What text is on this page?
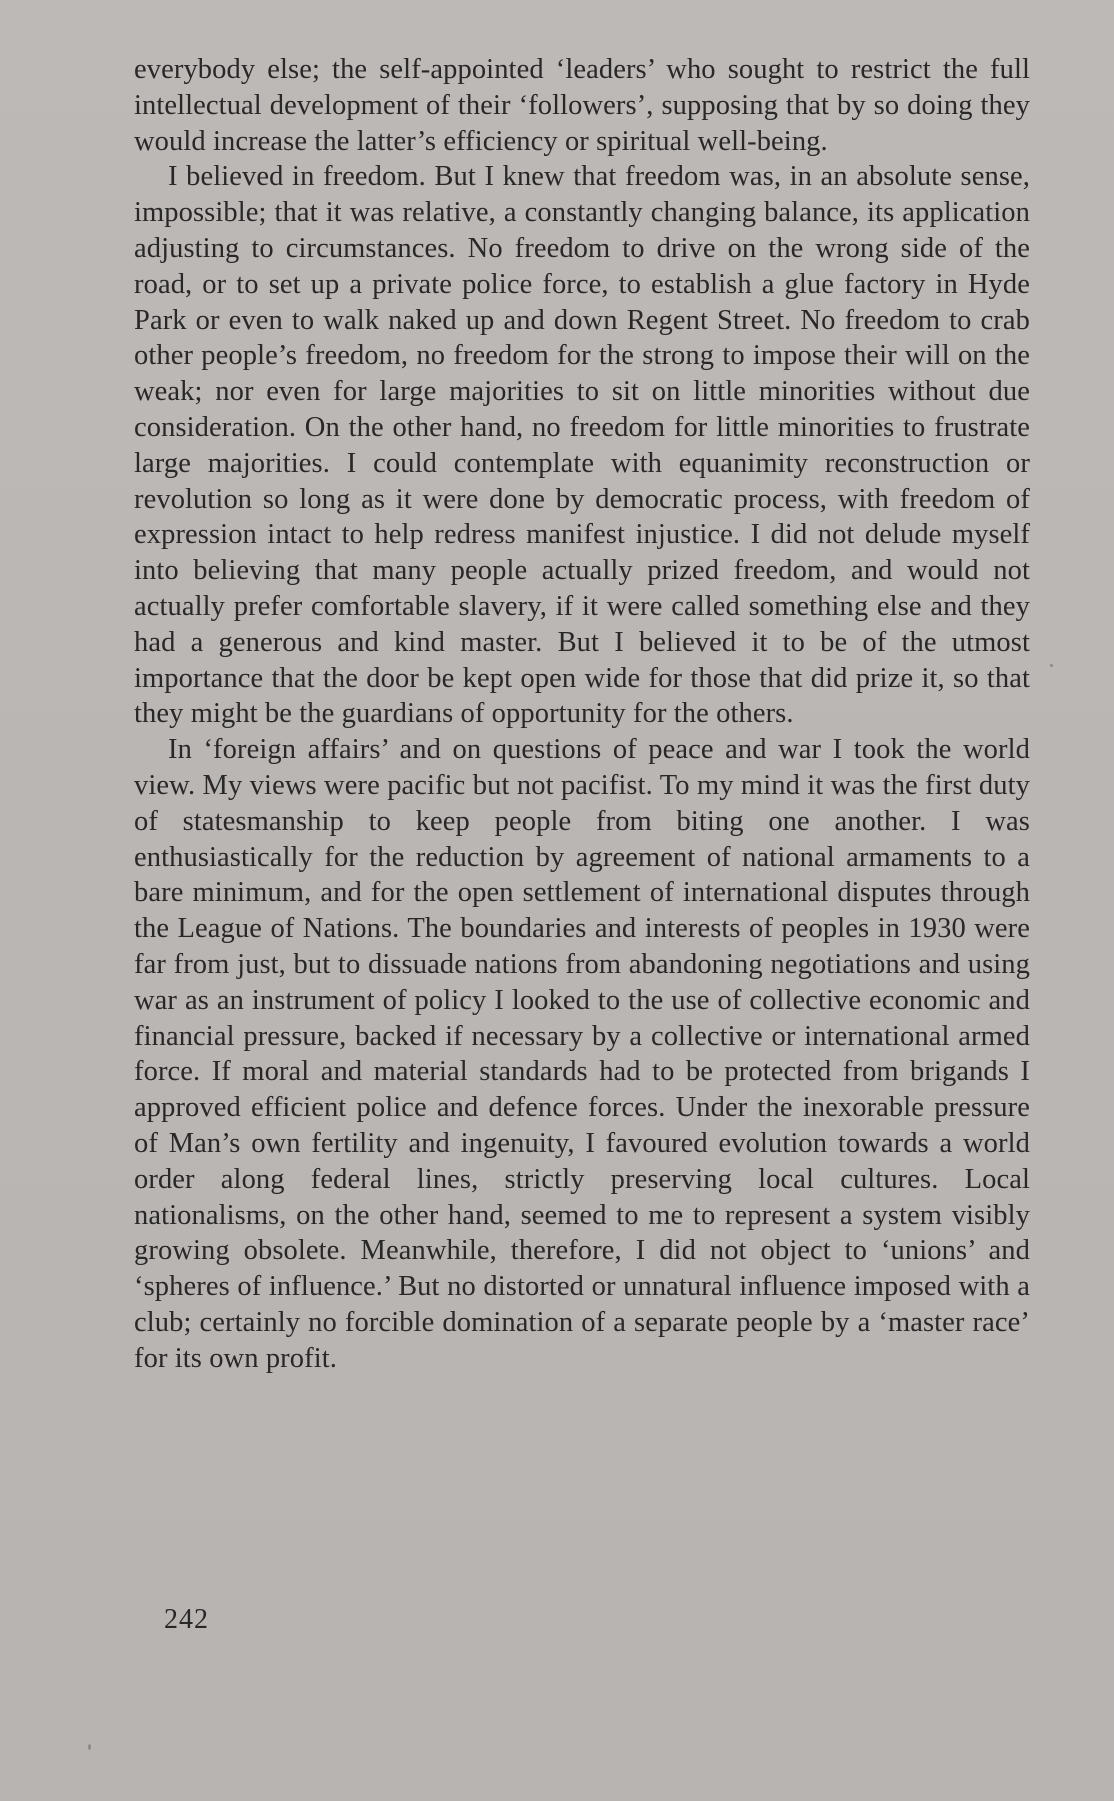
everybody else; the self-appointed ‘leaders’ who sought to restrict the full intellectual development of their ‘followers’, supposing that by so doing they would increase the latter’s efficiency or spiritual well-being.

I believed in freedom. But I knew that freedom was, in an absolute sense, impossible; that it was relative, a constantly changing balance, its application adjusting to circumstances. No freedom to drive on the wrong side of the road, or to set up a private police force, to establish a glue factory in Hyde Park or even to walk naked up and down Regent Street. No freedom to crab other people’s freedom, no freedom for the strong to impose their will on the weak; nor even for large majorities to sit on little minorities without due consideration. On the other hand, no freedom for little minorities to frustrate large majorities. I could contemplate with equanimity reconstruction or revolution so long as it were done by democratic process, with freedom of expression intact to help redress manifest injustice. I did not delude myself into believing that many people actually prized freedom, and would not actually prefer comfortable slavery, if it were called something else and they had a generous and kind master. But I believed it to be of the utmost importance that the door be kept open wide for those that did prize it, so that they might be the guardians of opportunity for the others.

In ‘foreign affairs’ and on questions of peace and war I took the world view. My views were pacific but not pacifist. To my mind it was the first duty of statesmanship to keep people from biting one another. I was enthusiastically for the reduction by agreement of national armaments to a bare minimum, and for the open settlement of international disputes through the League of Nations. The boundaries and interests of peoples in 1930 were far from just, but to dissuade nations from abandoning negotiations and using war as an instrument of policy I looked to the use of collective economic and financial pressure, backed if necessary by a collective or international armed force. If moral and material standards had to be protected from brigands I approved efficient police and defence forces. Under the inexorable pressure of Man’s own fertility and ingenuity, I favoured evolution towards a world order along federal lines, strictly preserving local cultures. Local nationalisms, on the other hand, seemed to me to represent a system visibly growing obsolete. Meanwhile, therefore, I did not object to ‘unions’ and ‘spheres of influence.’ But no distorted or unnatural influence imposed with a club; certainly no forcible domination of a separate people by a ‘master race’ for its own profit.

242
